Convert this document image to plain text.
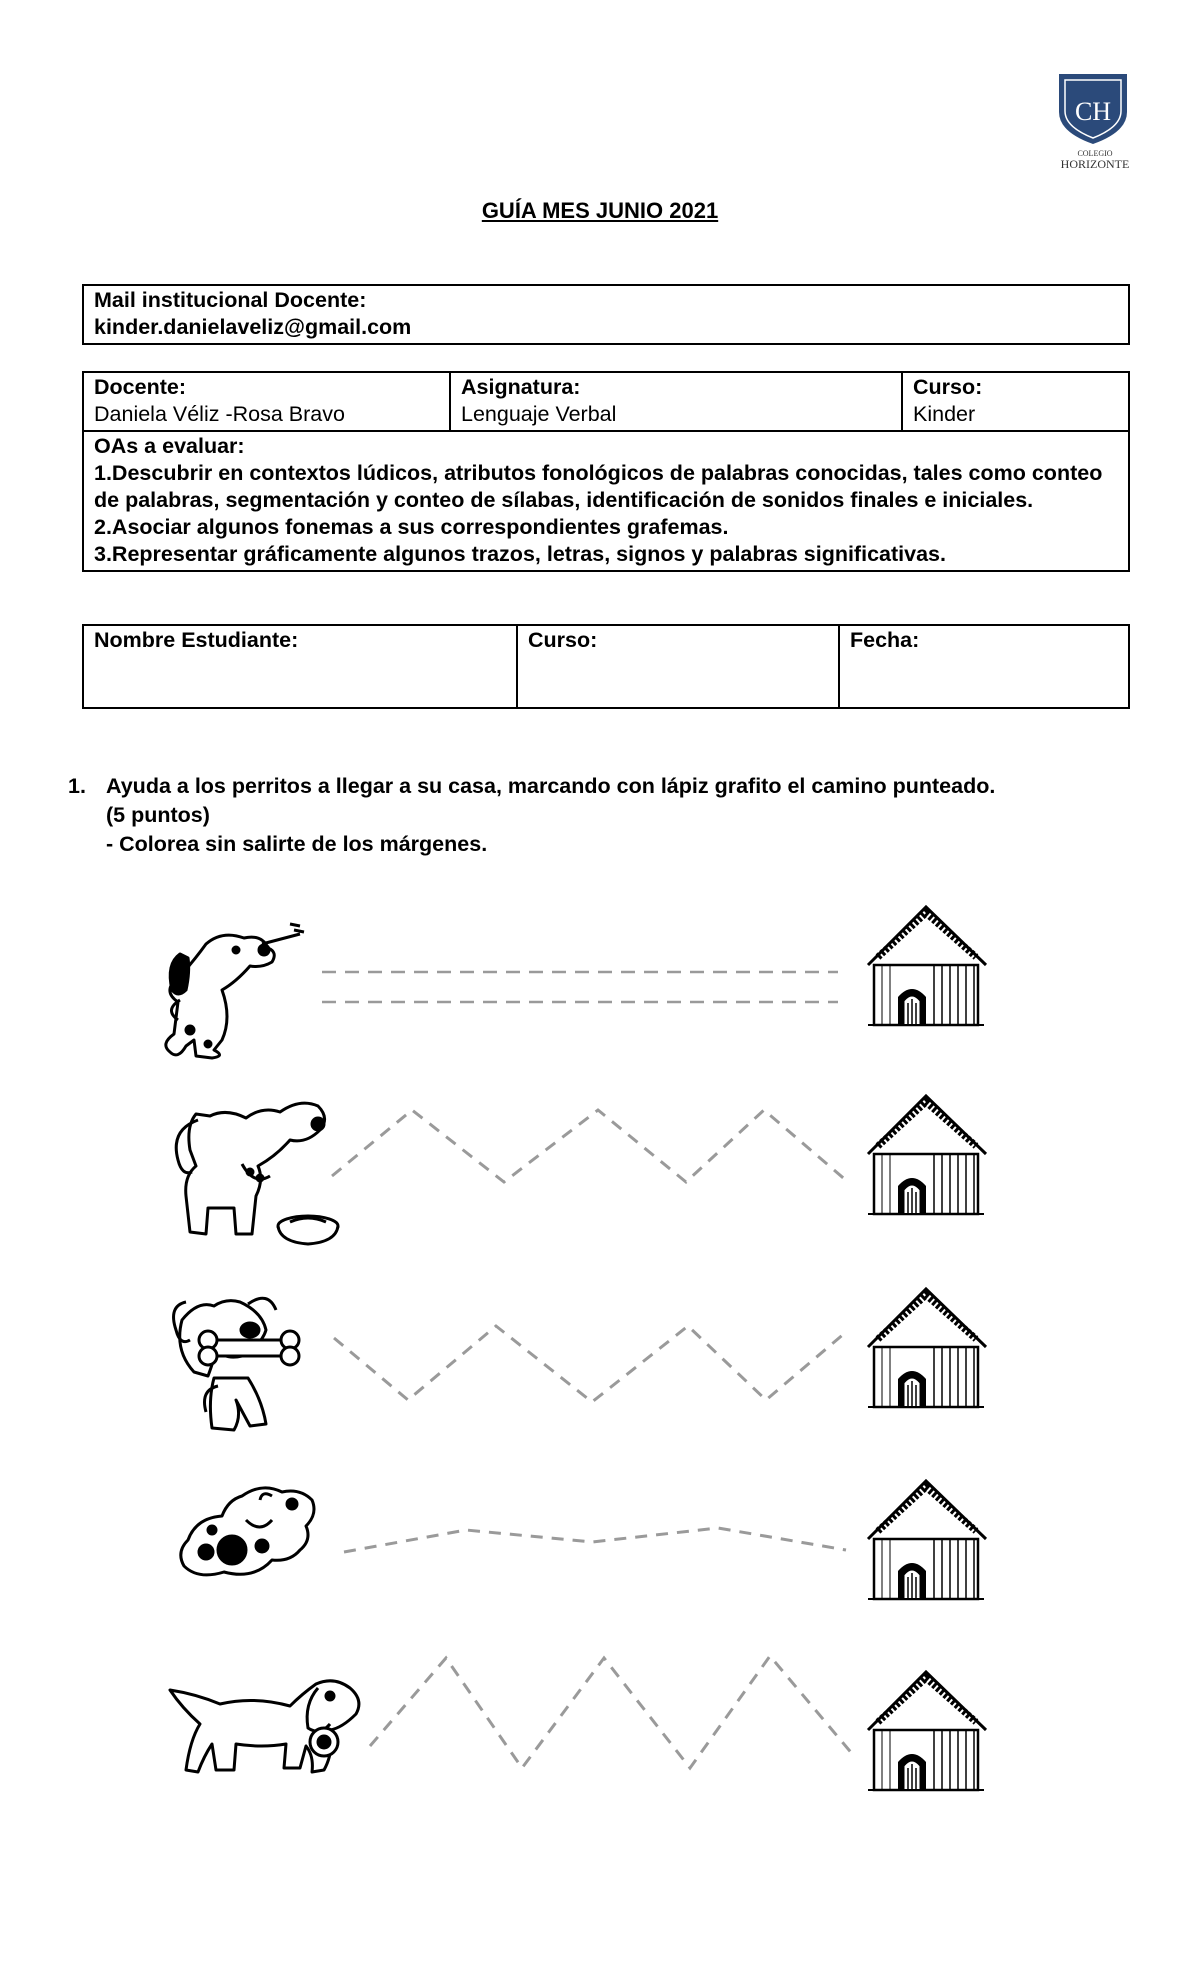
CH
COLEGIO
HORIZONTE
GUÍA MES JUNIO 2021
Mail institucional Docente:
kinder.danielaveliz@gmail.com
Docente:
Daniela Véliz -Rosa Bravo

Asignatura:
Lenguaje Verbal

Curso:
Kinder

OAs a evaluar:
1.Descubrir en contextos lúdicos, atributos fonológicos de palabras conocidas, tales como conteo de palabras, segmentación y conteo de sílabas, identificación de sonidos finales e iniciales.
2.Asociar algunos fonemas a sus correspondientes grafemas.
3.Representar gráficamente algunos trazos, letras, signos y palabras significativas.
Nombre Estudiante:	Curso:	Fecha:
1. Ayuda a los perritos a llegar a su casa, marcando con lápiz grafito el camino punteado.
(5 puntos)
- Colorea sin salirte de los márgenes.
